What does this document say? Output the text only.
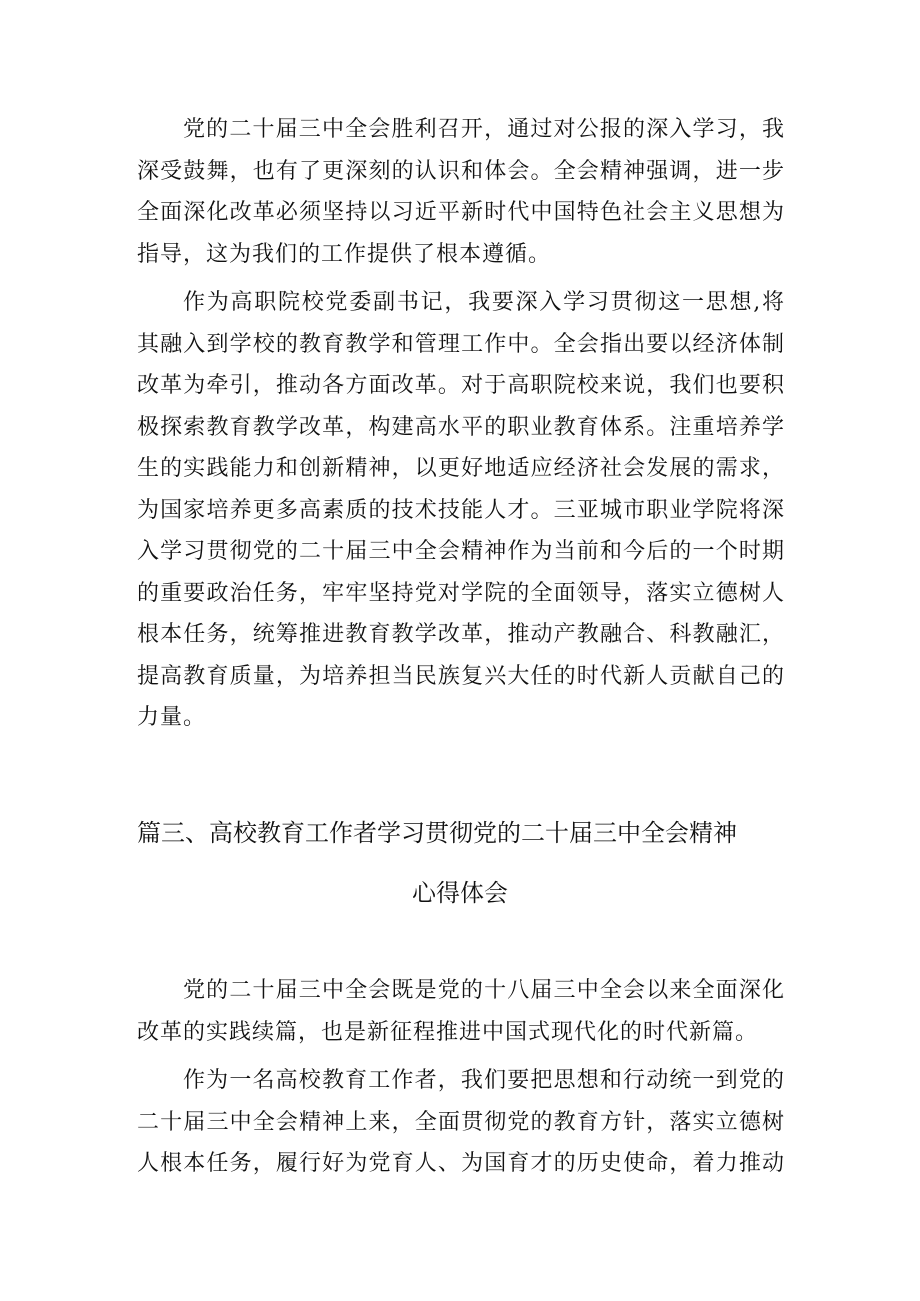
党的二十届三中全会胜利召开，通过对公报的深入学习，我
深受鼓舞，也有了更深刻的认识和体会。全会精神强调，进一步
全面深化改革必须坚持以习近平新时代中国特色社会主义思想为
指导，这为我们的工作提供了根本遵循。
作为高职院校党委副书记，我要深入学习贯彻这一思想,将
其融入到学校的教育教学和管理工作中。全会指出要以经济体制
改革为牵引，推动各方面改革。对于高职院校来说，我们也要积
极探索教育教学改革，构建高水平的职业教育体系。注重培养学
生的实践能力和创新精神，以更好地适应经济社会发展的需求，
为国家培养更多高素质的技术技能人才。三亚城市职业学院将深
入学习贯彻党的二十届三中全会精神作为当前和今后的一个时期
的重要政治任务，牢牢坚持党对学院的全面领导，落实立德树人
根本任务，统筹推进教育教学改革，推动产教融合、科教融汇，
提高教育质量，为培养担当民族复兴大任的时代新人贡献自己的
力量。
篇三、高校教育工作者学习贯彻党的二十届三中全会精神
心得体会
党的二十届三中全会既是党的十八届三中全会以来全面深化
改革的实践续篇，也是新征程推进中国式现代化的时代新篇。
作为一名高校教育工作者，我们要把思想和行动统一到党的
二十届三中全会精神上来，全面贯彻党的教育方针，落实立德树
人根本任务，履行好为党育人、为国育才的历史使命，着力推动
